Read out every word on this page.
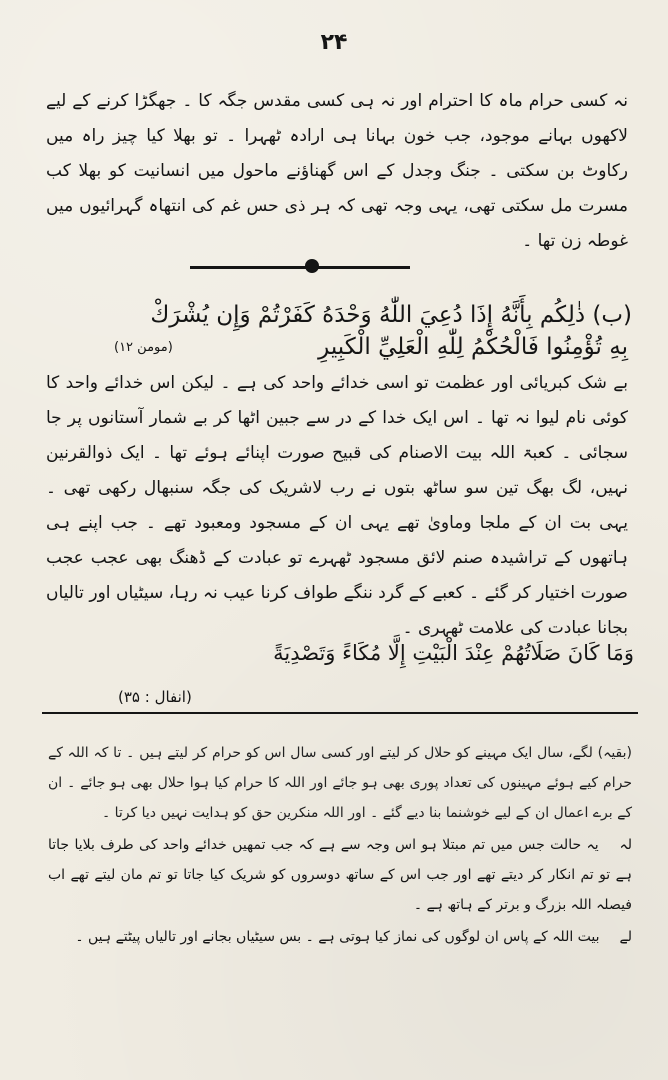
۲۴
نہ کسی حرام ماہ کا احترام اور نہ ہی کسی مقدس جگہ کا ۔ جھگڑا کرنے کے لیے لاکھوں بہانے موجود، جب خون بہانا ہی ارادہ ٹھہرا ۔ تو بھلا کیا چیز راہ میں رکاوٹ بن سکتی ۔ جنگ وجدل کے اس گھناؤنے ماحول میں انسانیت کو بھلا کب مسرت مل سکتی تھی، یہی وجہ تھی کہ ہر ذی حس غم کی انتھاہ گہرائیوں میں غوطہ زن تھا ۔
(ب) ذٰلِكُم بِأَنَّهُ إِذَا دُعِيَ اللّٰهُ وَحْدَهُ كَفَرْتُمْ وَإِن يُشْرَكْ
بِهِ تُؤْمِنُوا فَالْحُكْمُ لِلّٰهِ الْعَلِيِّ الْكَبِيرِ
(مومن ۱۲)
بے شک کبریائی اور عظمت تو اسی خدائے واحد کی ہے ۔ لیکن اس خدائے واحد کا کوئی نام لیوا نہ تھا ۔ اس ایک خدا کے در سے جبین اٹھا کر بے شمار آستانوں پر جا سجائی ۔ کعبۃ اللہ بیت الاصنام کی قبیح صورت اپنائے ہوئے تھا ۔ ایک ذوالقرنین نہیں، لگ بھگ تین سو ساٹھ بتوں نے رب لاشریک کی جگہ سنبھال رکھی تھی ۔ یہی بت ان کے ملجا وماویٰ تھے یہی ان کے مسجود ومعبود تھے ۔ جب اپنے ہی ہاتھوں کے تراشیدہ صنم لائق مسجود ٹھہرے تو عبادت کے ڈھنگ بھی عجب عجب صورت اختیار کر گئے ۔ کعبے کے گرد ننگے طواف کرنا عیب نہ رہا، سیٹیاں اور تالیاں بجانا عبادت کی علامت ٹھہری ۔
وَمَا كَانَ صَلَاتُهُمْ عِنْدَ الْبَيْتِ إِلَّا مُكَاءً وَتَصْدِيَةً
(انفال : ۳۵)
(بقیہ) لگے، سال ایک مہینے کو حلال کر لیتے اور کسی سال اس کو حرام کر لیتے ہیں ۔ تا کہ اللہ کے حرام کیے ہوئے مہینوں کی تعداد پوری بھی ہو جائے اور اللہ کا حرام کیا ہوا حلال بھی ہو جائے ۔ ان کے برے اعمال ان کے لیے خوشنما بنا دیے گئے ۔ اور اللہ منکرین حق کو ہدایت نہیں دیا کرتا ۔
لہ یہ حالت جس میں تم مبتلا ہو اس وجہ سے ہے کہ جب تمھیں خدائے واحد کی طرف بلایا جاتا ہے تو تم انکار کر دیتے تھے اور جب اس کے ساتھ دوسروں کو شریک کیا جاتا تو تم مان لیتے تھے اب فیصلہ اللہ بزرگ و برتر کے ہاتھ ہے ۔
لے بیت اللہ کے پاس ان لوگوں کی نماز کیا ہوتی ہے ۔ بس سیٹیاں بجانے اور تالیاں پیٹتے ہیں ۔
